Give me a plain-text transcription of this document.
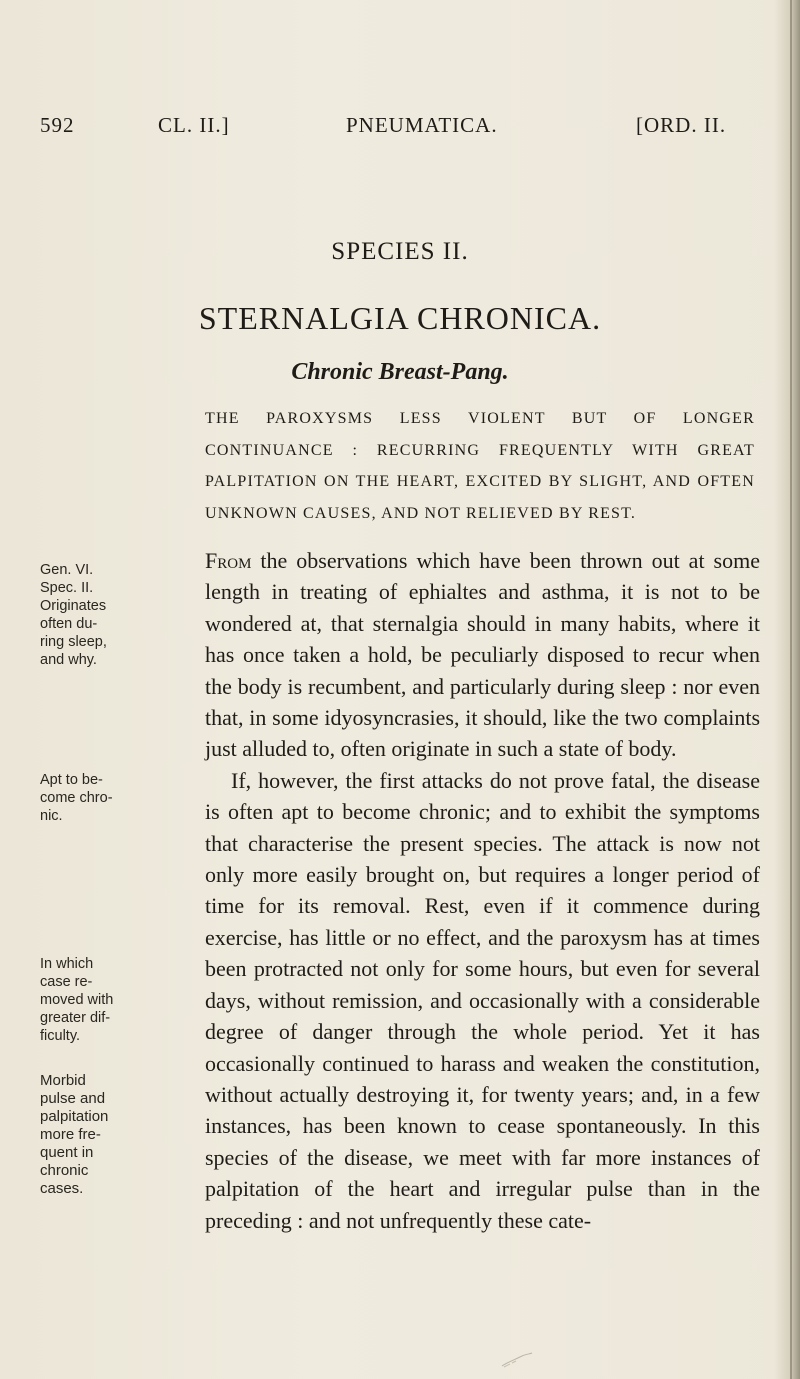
592	CL. II.]	PNEUMATICA.	[ORD. II.
SPECIES II.
STERNALGIA CHRONICA.
Chronic Breast-Pang.
THE PAROXYSMS LESS VIOLENT BUT OF LONGER CONTINUANCE : RECURRING FREQUENTLY WITH GREAT PALPITATION ON THE HEART, EXCITED BY SLIGHT, AND OFTEN UNKNOWN CAUSES, AND NOT RELIEVED BY REST.
Gen. VI.
Spec. II.
Originates
often du-
ring sleep,
and why.
Apt to be-
come chro-
nic.
In which
case re-
moved with
greater dif-
ficulty.
Morbid
pulse and
palpitation
more fre-
quent in
chronic
cases.

From the observations which have been thrown out at some length in treating of ephialtes and asthma, it is not to be wondered at, that sternalgia should in many habits, where it has once taken a hold, be peculiarly disposed to recur when the body is recumbent, and particularly during sleep : nor even that, in some idyosyncrasies, it should, like the two complaints just alluded to, often originate in such a state of body.

If, however, the first attacks do not prove fatal, the disease is often apt to become chronic; and to exhibit the symptoms that characterise the present species. The attack is now not only more easily brought on, but requires a longer period of time for its removal. Rest, even if it commence during exercise, has little or no effect, and the paroxysm has at times been protracted not only for some hours, but even for several days, without remission, and occasionally with a considerable degree of danger through the whole period. Yet it has occasionally continued to harass and weaken the constitution, without actually destroying it, for twenty years; and, in a few instances, has been known to cease spontaneously. In this species of the disease, we meet with far more instances of palpitation of the heart and irregular pulse than in the preceding : and not unfrequently these cate-
